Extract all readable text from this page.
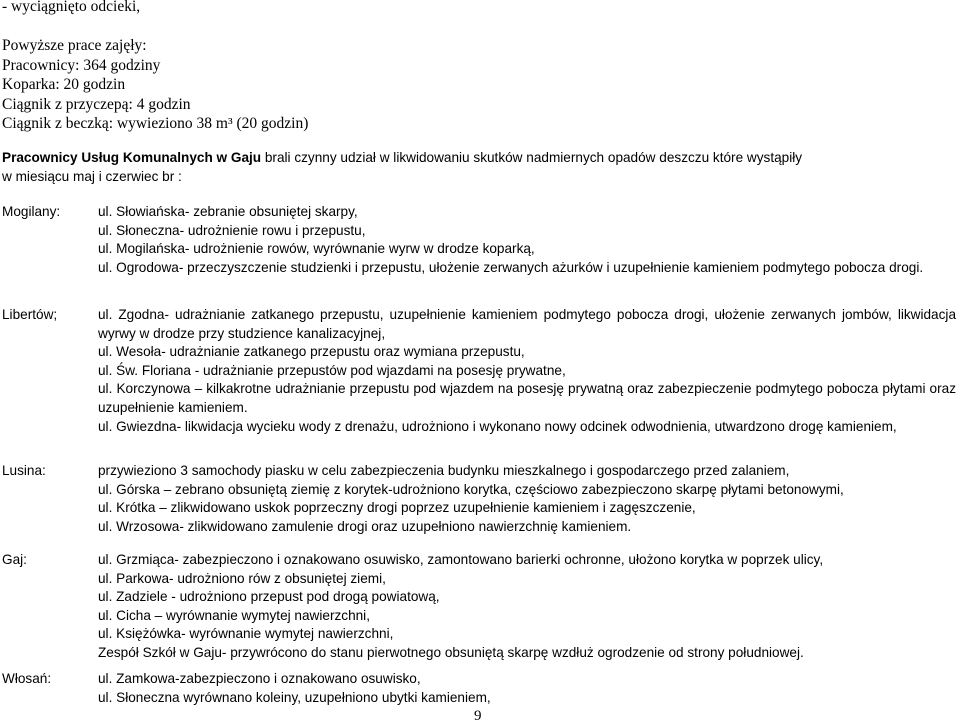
- wyciągnięto odcieki,
Powyższe prace zajęły:
Pracownicy: 364 godziny
Koparka: 20 godzin
Ciągnik z przyczepą: 4 godzin
Ciągnik z beczką: wywieziono 38 m³ (20 godzin)
Pracownicy Usług Komunalnych w Gaju brali czynny udział w likwidowaniu skutków nadmiernych opadów deszczu które wystąpiły
w miesiącu maj i czerwiec br :
Mogilany:	ul. Słowiańska- zebranie obsuniętej skarpy,
ul. Słoneczna- udrożnienie rowu i przepustu,
ul. Mogilańska- udrożnienie rowów, wyrównanie wyrw w drodze koparką,
ul. Ogrodowa- przeczyszczenie studzienki i przepustu, ułożenie zerwanych ażurków i uzupełnienie kamieniem podmytego pobocza drogi.
Libertów;	ul. Zgodna- udrażnianie zatkanego przepustu, uzupełnienie kamieniem podmytego pobocza drogi, ułożenie zerwanych jombów, likwidacja wyrwy w drodze przy studzience kanalizacyjnej,
ul. Wesoła- udrażnianie zatkanego przepustu oraz wymiana przepustu,
ul. Św. Floriana - udrażnianie przepustów pod wjazdami na posesję prywatne,
ul. Korczynowa – kilkakrotne udrażnianie przepustu pod wjazdem na posesję prywatną oraz zabezpieczenie podmytego pobocza płytami oraz uzupełnienie kamieniem.
ul. Gwiezdna- likwidacja wycieku wody z drenażu, udrożniono i wykonano nowy odcinek odwodnienia, utwardzono drogę kamieniem,
Lusina:	przywieziono 3 samochody piasku w celu zabezpieczenia budynku mieszkalnego i gospodarczego przed zalaniem,
ul. Górska – zebrano obsuniętą ziemię z korytek-udrożniono korytka, częściowo zabezpieczono skarpę płytami betonowymi,
ul. Krótka – zlikwidowano uskok poprzeczny drogi poprzez uzupełnienie kamieniem i zagęszczenie,
ul. Wrzosowa- zlikwidowano zamulenie drogi oraz uzupełniono nawierzchnię kamieniem.
Gaj:	ul. Grzmiąca- zabezpieczono i oznakowano osuwisko, zamontowano barierki ochronne, ułożono korytka w poprzek ulicy,
ul. Parkowa- udrożniono rów z obsuniętej ziemi,
ul. Zadziele - udrożniono przepust pod drogą powiatową,
ul. Cicha – wyrównanie wymytej nawierzchni,
ul. Księżówka- wyrównanie wymytej nawierzchni,
Zespół Szkół w Gaju- przywrócono do stanu pierwotnego obsuniętą skarpę wzdłuż ogrodzenie od strony południowej.
Włosań:	ul. Zamkowa-zabezpieczono i oznakowano osuwisko,
ul. Słoneczna wyrównano koleiny, uzupełniono ubytki kamieniem,
9
